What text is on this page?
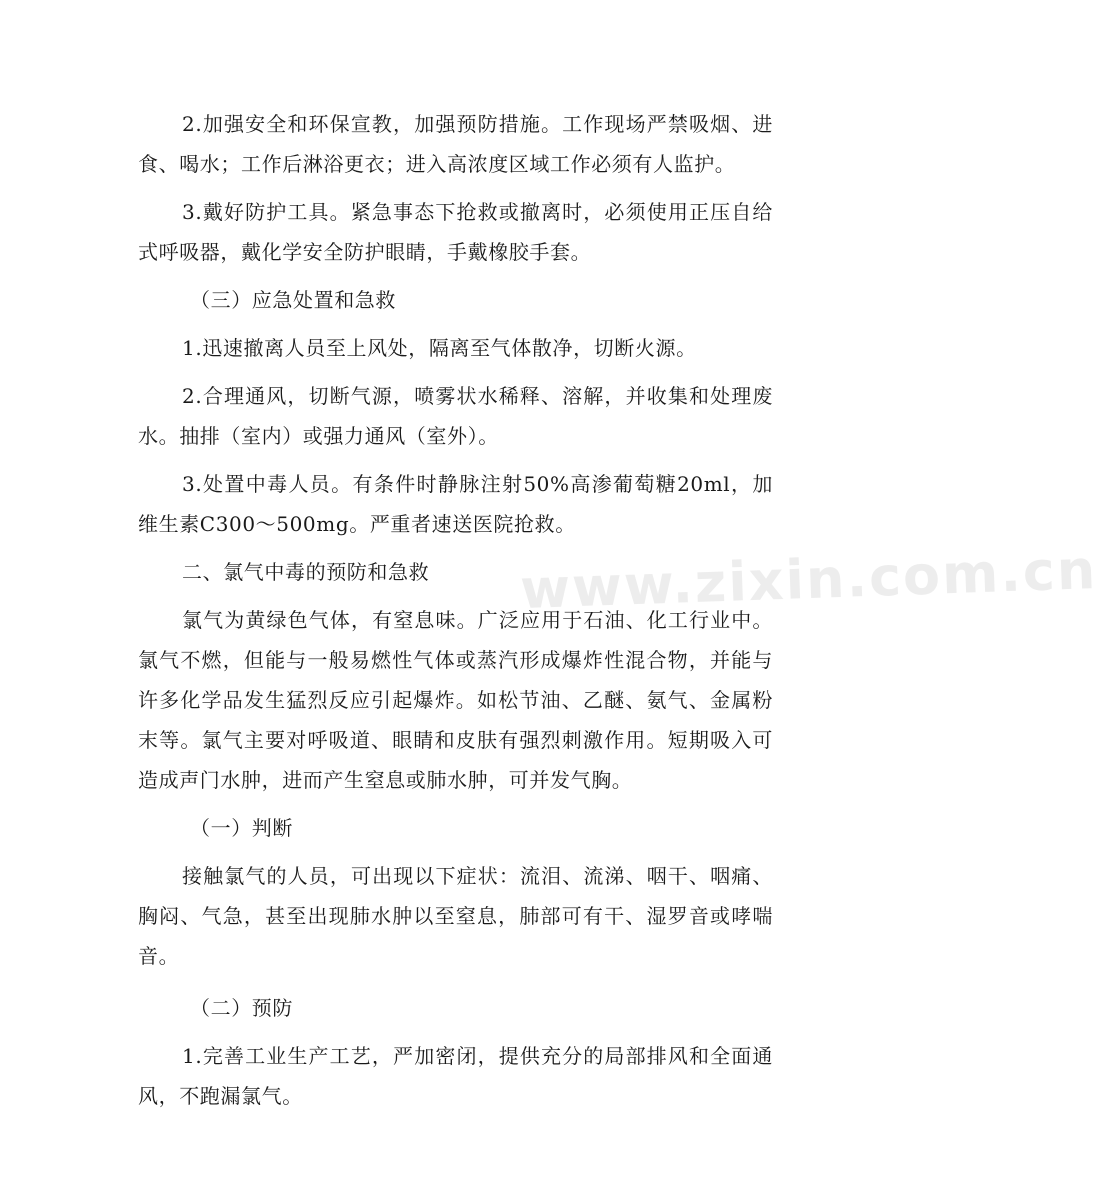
2.加强安全和环保宣教，加强预防措施。工作现场严禁吸烟、进食、喝水；工作后淋浴更衣；进入高浓度区域工作必须有人监护。

3.戴好防护工具。紧急事态下抢救或撤离时，必须使用正压自给式呼吸器，戴化学安全防护眼睛，手戴橡胶手套。

（三）应急处置和急救

1.迅速撤离人员至上风处，隔离至气体散净，切断火源。

2.合理通风，切断气源，喷雾状水稀释、溶解，并收集和处理废水。抽排（室内）或强力通风（室外）。

3.处置中毒人员。有条件时静脉注射50%高渗葡萄糖20ml，加维生素C300～500mg。严重者速送医院抢救。

二、氯气中毒的预防和急救

氯气为黄绿色气体，有窒息味。广泛应用于石油、化工行业中。氯气不燃，但能与一般易燃性气体或蒸汽形成爆炸性混合物，并能与许多化学品发生猛烈反应引起爆炸。如松节油、乙醚、氨气、金属粉末等。氯气主要对呼吸道、眼睛和皮肤有强烈刺激作用。短期吸入可造成声门水肿，进而产生窒息或肺水肿，可并发气胸。

（一）判断

接触氯气的人员，可出现以下症状：流泪、流涕、咽干、咽痛、胸闷、气急，甚至出现肺水肿以至窒息，肺部可有干、湿罗音或哮喘音。

（二）预防

1.完善工业生产工艺，严加密闭，提供充分的局部排风和全面通风，不跑漏氯气。

www.zixin.com.cn
